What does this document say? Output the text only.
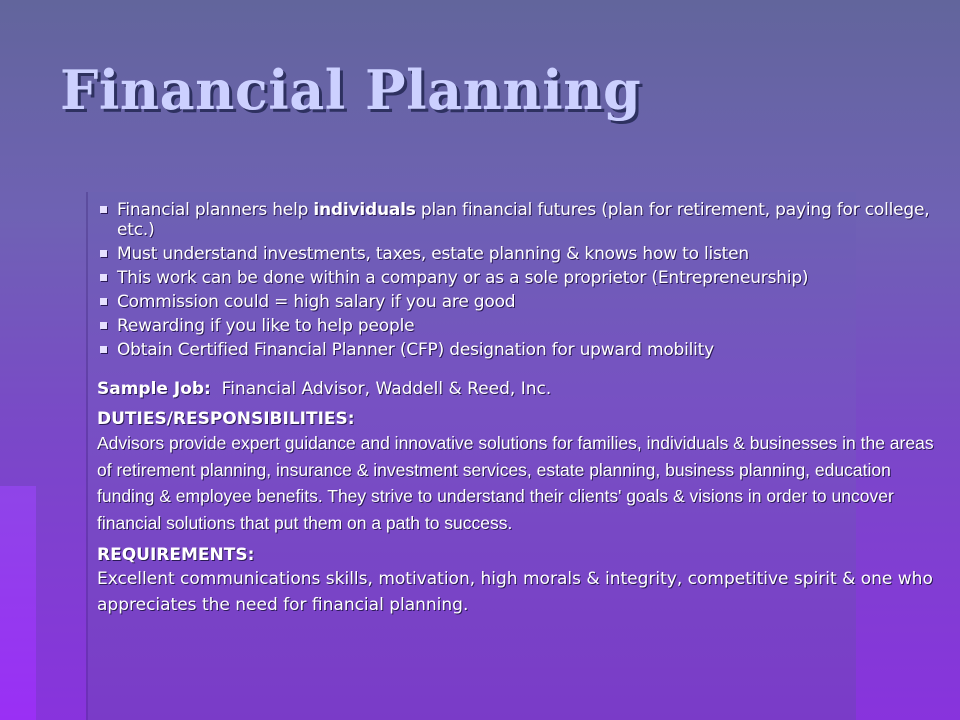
Financial Planning
Financial planners help individuals plan financial futures (plan for retirement, paying for college, etc.)
Must understand investments, taxes, estate planning & knows how to listen
This work can be done within a company or as a sole proprietor (Entrepreneurship)
Commission could = high salary if you are good
Rewarding if you like to help people
Obtain Certified Financial Planner (CFP) designation for upward mobility
Sample Job:  Financial Advisor, Waddell & Reed, Inc.
DUTIES/RESPONSIBILITIES:
Advisors provide expert guidance and innovative solutions for families, individuals & businesses in the areas of retirement planning, insurance & investment services, estate planning, business planning, education funding & employee benefits. They strive to understand their clients' goals & visions in order to uncover financial solutions that put them on a path to success.
REQUIREMENTS:
Excellent communications skills, motivation, high morals & integrity, competitive spirit & one who appreciates the need for financial planning.
